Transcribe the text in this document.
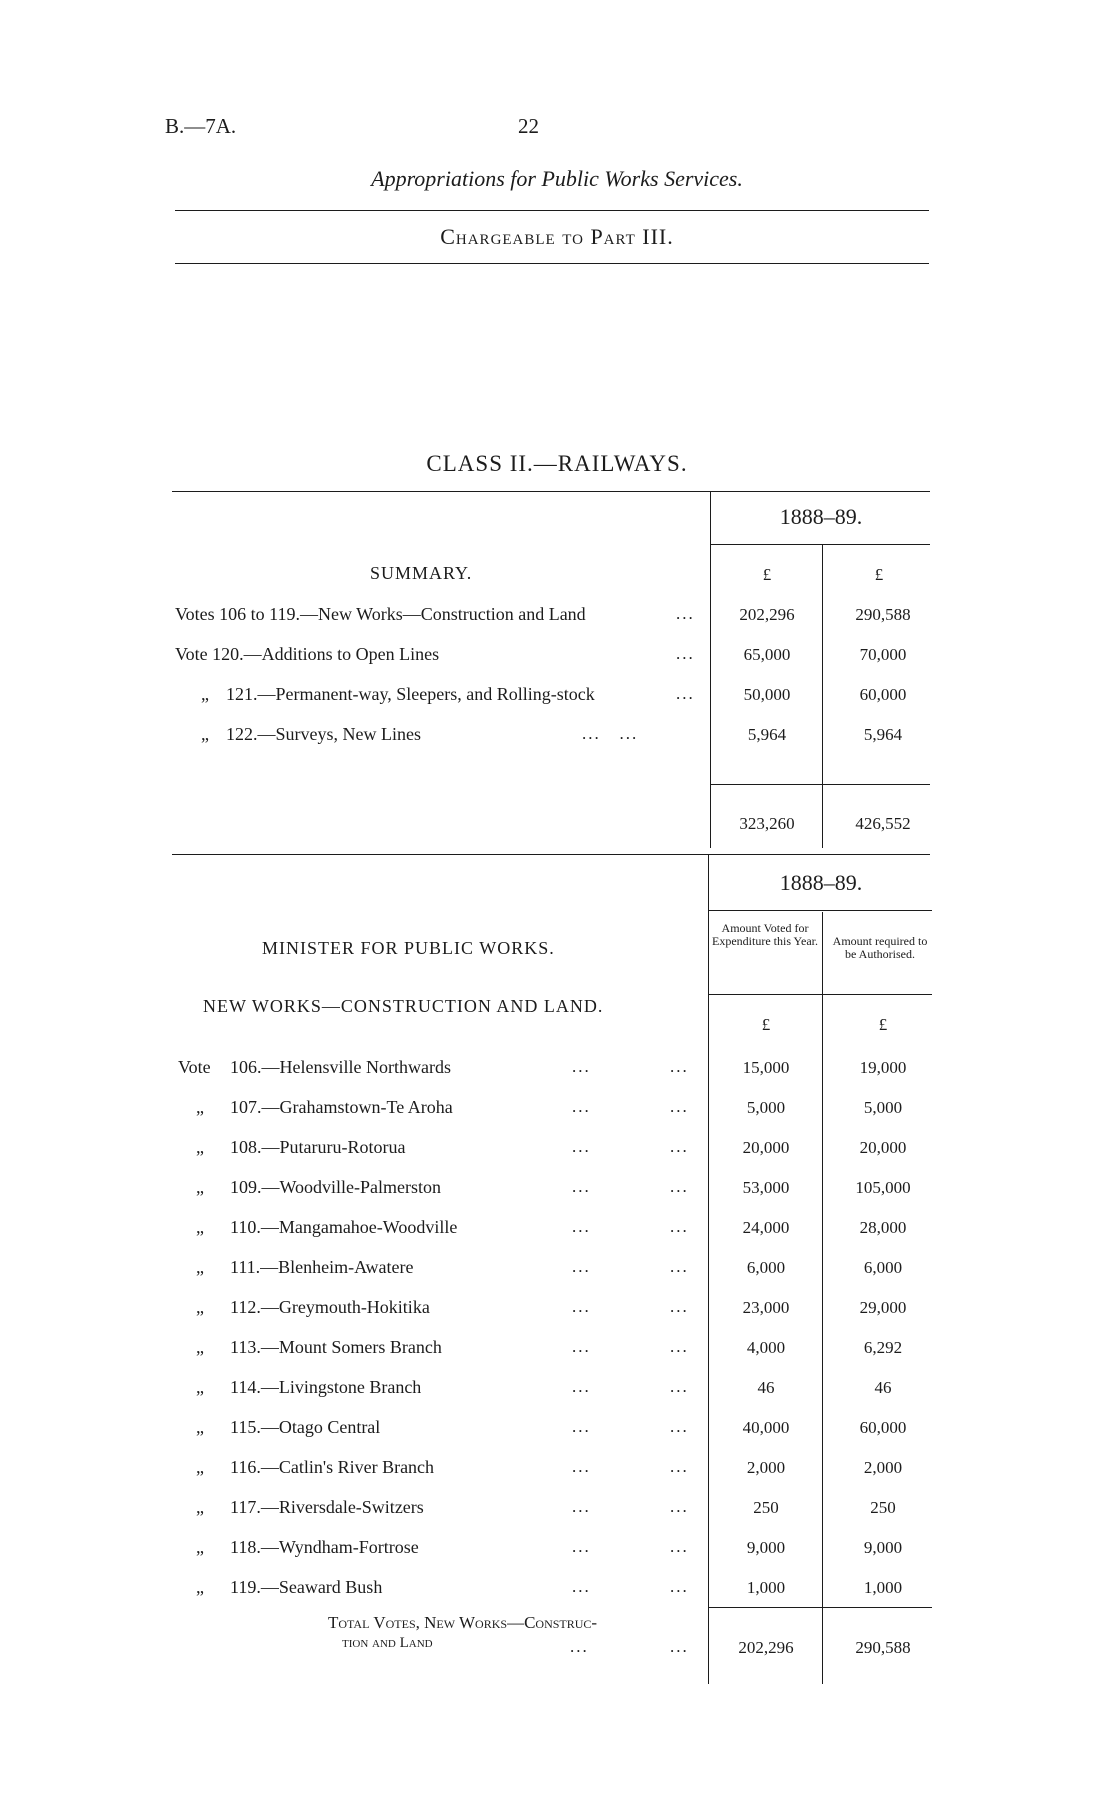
B.—7A.	22
Appropriations for Public Works Services.
Chargeable to Part III.
CLASS II.—RAILWAYS.
1888–89.
SUMMARY.	£	£
Votes 106 to 119.—New Works—Construction and Land	...	202,296	290,588
Vote 120.—Additions to Open Lines	...	65,000	70,000
„ 121.—Permanent-way, Sleepers, and Rolling-stock	...	50,000	60,000
„ 122.—Surveys, New Lines	...   ...	5,964	5,964
323,260	426,552
1888–89.
MINISTER FOR PUBLIC WORKS.
NEW WORKS—CONSTRUCTION AND LAND.
Amount Voted for Expenditure this Year.	Amount required to be Authorised.
£	£
Vote 106.—Helensville Northwards	...	...	15,000	19,000
„ 107.—Grahamstown-Te Aroha	...	...	5,000	5,000
„ 108.—Putaruru-Rotorua	...	...	20,000	20,000
„ 109.—Woodville-Palmerston	...	...	53,000	105,000
„ 110.—Mangamahoe-Woodville	...	...	24,000	28,000
„ 111.—Blenheim-Awatere	...	...	6,000	6,000
„ 112.—Greymouth-Hokitika	...	...	23,000	29,000
„ 113.—Mount Somers Branch	...	...	4,000	6,292
„ 114.—Livingstone Branch	...	...	46	46
„ 115.—Otago Central	...	...	40,000	60,000
„ 116.—Catlin's River Branch	...	...	2,000	2,000
„ 117.—Riversdale-Switzers	...	...	250	250
„ 118.—Wyndham-Fortrose	...	...	9,000	9,000
„ 119.—Seaward Bush	...	...	1,000	1,000
Total Votes, New Works—Construc-
tion and Land	...	...	202,296	290,588
